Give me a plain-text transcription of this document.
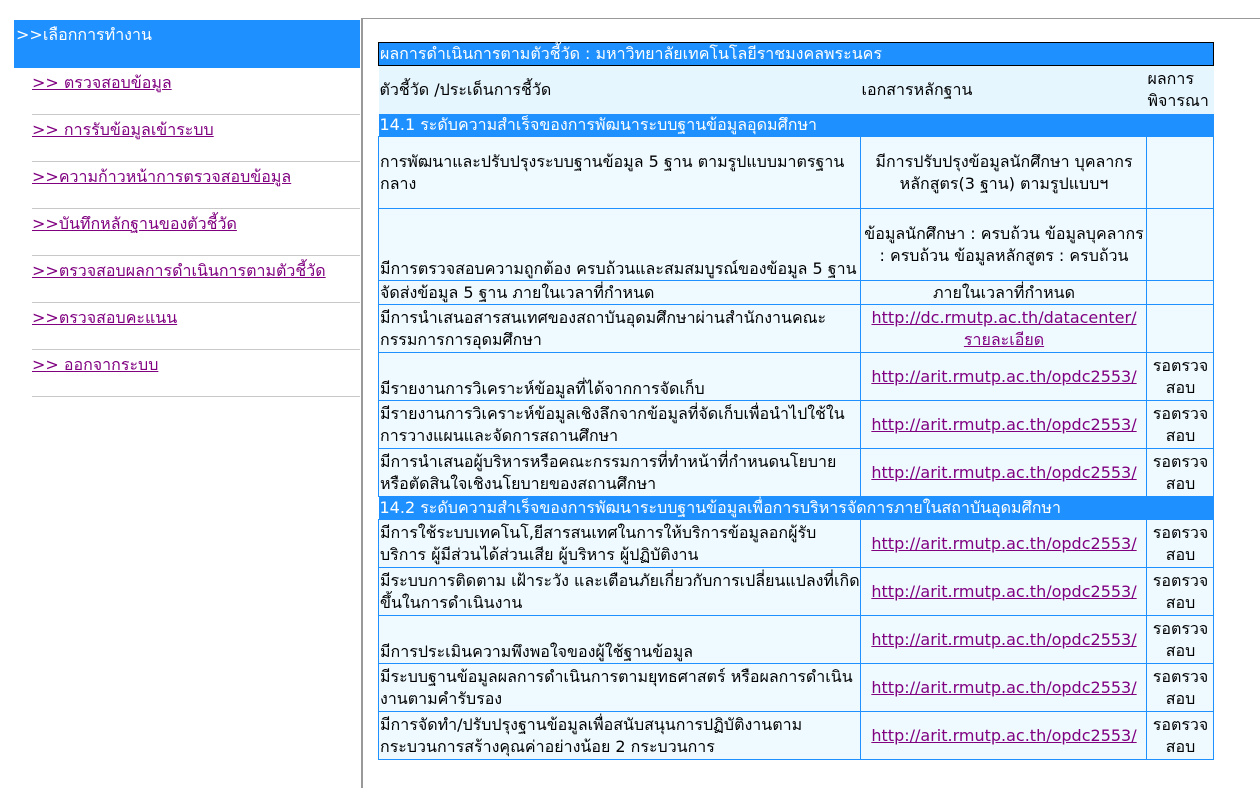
>>เลือกการทำงาน
>> ตรวจสอบข้อมูล
>> การรับข้อมูลเข้าระบบ
>>ความก้าวหน้าการตรวจสอบข้อมูล
>>บันทึกหลักฐานของตัวชี้วัด
>>ตรวจสอบผลการดำเนินการตามตัวชี้วัด
>>ตรวจสอบคะแนน
>> ออกจากระบบ
ผลการดำเนินการตามตัวชี้วัด : มหาวิทยาลัยเทคโนโลยีราชมงคลพระนคร		
ตัวชี้วัด /ประเด็นการชี้วัด	เอกสารหลักฐาน	ผลการพิจารณา
14.1 ระดับความสำเร็จของการพัฒนาระบบฐานข้อมูลอุดมศึกษา		
การพัฒนาและปรับปรุงระบบฐานข้อมูล 5 ฐาน ตามรูปแบบมาตรฐานกลาง	มีการปรับปรุงข้อมูลนักศึกษา บุคลากร หลักสูตร(3 ฐาน) ตามรูปแบบฯ	
มีการตรวจสอบความถูกต้อง ครบถ้วนและสมสมบูรณ์ของข้อมูล 5 ฐาน	ข้อมูลนักศึกษา : ครบถ้วน ข้อมูลบุคลากร : ครบถ้วน ข้อมูลหลักสูตร : ครบถ้วน	
จัดส่งข้อมูล 5 ฐาน ภายในเวลาที่กำหนด	ภายในเวลาที่กำหนด	
มีการนำเสนอสารสนเทศของสถาบันอุดมศึกษาผ่านสำนักงานคณะกรรมการการอุดมศึกษา	http://dc.rmutp.ac.th/datacenter/
รายละเอียด	
มีรายงานการวิเคราะห์ข้อมูลที่ได้จากการจัดเก็บ	http://arit.rmutp.ac.th/opdc2553/	รอตรวจสอบ
มีรายงานการวิเคราะห์ข้อมูลเชิงลึกจากข้อมูลที่จัดเก็บเพื่อนำไปใช้ในการวางแผนและจัดการสถานศึกษา	http://arit.rmutp.ac.th/opdc2553/	รอตรวจสอบ
มีการนำเสนอผู้บริหารหรือคณะกรรมการที่ทำหน้าที่กำหนดนโยบายหรือตัดสินใจเชิงนโยบายของสถานศึกษา	http://arit.rmutp.ac.th/opdc2553/	รอตรวจสอบ
14.2 ระดับความสำเร็จของการพัฒนาระบบฐานข้อมูลเพื่อการบริหารจัดการภายในสถาบันอุดมศึกษา		
มีการใช้ระบบเทคโนโ,ยีสารสนเทศในการให้บริการข้อมูลอกผู้รับบริการ ผู้มีส่วนได้ส่วนเสีย ผู้บริหาร ผู้ปฏิบัติงาน	http://arit.rmutp.ac.th/opdc2553/	รอตรวจสอบ
มีระบบการติดตาม เฝ้าระวัง และเตือนภัยเกี่ยวกับการเปลี่ยนแปลงที่เกิดขึ้นในการดำเนินงาน	http://arit.rmutp.ac.th/opdc2553/	รอตรวจสอบ
มีการประเมินความพึงพอใจของผู้ใช้ฐานข้อมูล	http://arit.rmutp.ac.th/opdc2553/	รอตรวจสอบ
มีระบบฐานข้อมูลผลการดำเนินการตามยุทธศาสตร์ หรือผลการดำเนินงานตามคำรับรอง	http://arit.rmutp.ac.th/opdc2553/	รอตรวจสอบ
มีการจัดทำ/ปรับปรุงฐานข้อมูลเพื่อสนับสนุนการปฏิบัติงานตามกระบวนการสร้างคุณค่าอย่างน้อย 2 กระบวนการ	http://arit.rmutp.ac.th/opdc2553/	รอตรวจสอบ
